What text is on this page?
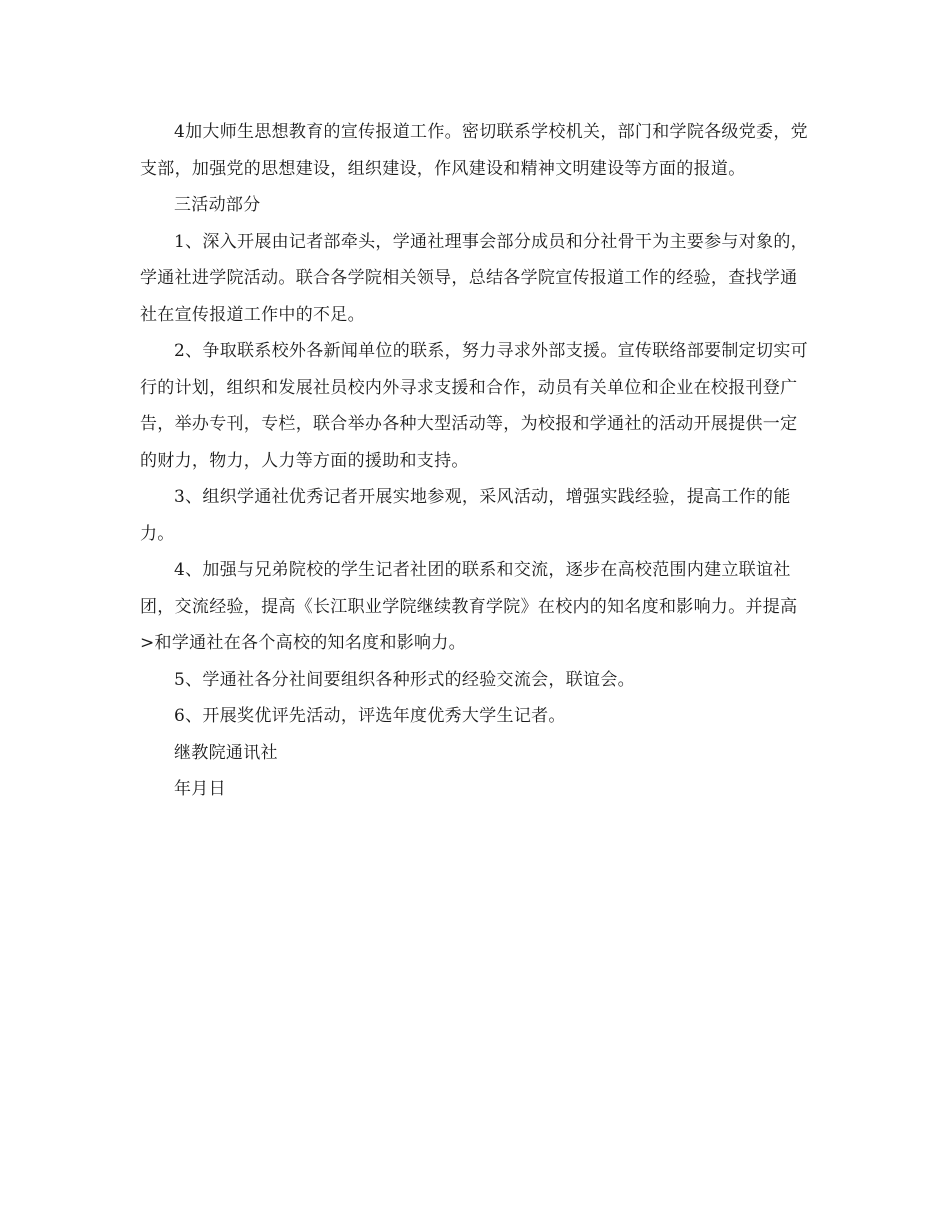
4加大师生思想教育的宣传报道工作。密切联系学校机关，部门和学院各级党委，党支部，加强党的思想建设，组织建设，作风建设和精神文明建设等方面的报道。

三活动部分

1、深入开展由记者部牵头，学通社理事会部分成员和分社骨干为主要参与对象的，学通社进学院活动。联合各学院相关领导，总结各学院宣传报道工作的经验，查找学通社在宣传报道工作中的不足。

2、争取联系校外各新闻单位的联系，努力寻求外部支援。宣传联络部要制定切实可行的计划，组织和发展社员校内外寻求支援和合作，动员有关单位和企业在校报刊登广告，举办专刊，专栏，联合举办各种大型活动等，为校报和学通社的活动开展提供一定的财力，物力，人力等方面的援助和支持。

3、组织学通社优秀记者开展实地参观，采风活动，增强实践经验，提高工作的能力。

4、加强与兄弟院校的学生记者社团的联系和交流，逐步在高校范围内建立联谊社团，交流经验，提高《长江职业学院继续教育学院》在校内的知名度和影响力。并提高>和学通社在各个高校的知名度和影响力。

5、学通社各分社间要组织各种形式的经验交流会，联谊会。

6、开展奖优评先活动，评选年度优秀大学生记者。

继教院通讯社

年月日
